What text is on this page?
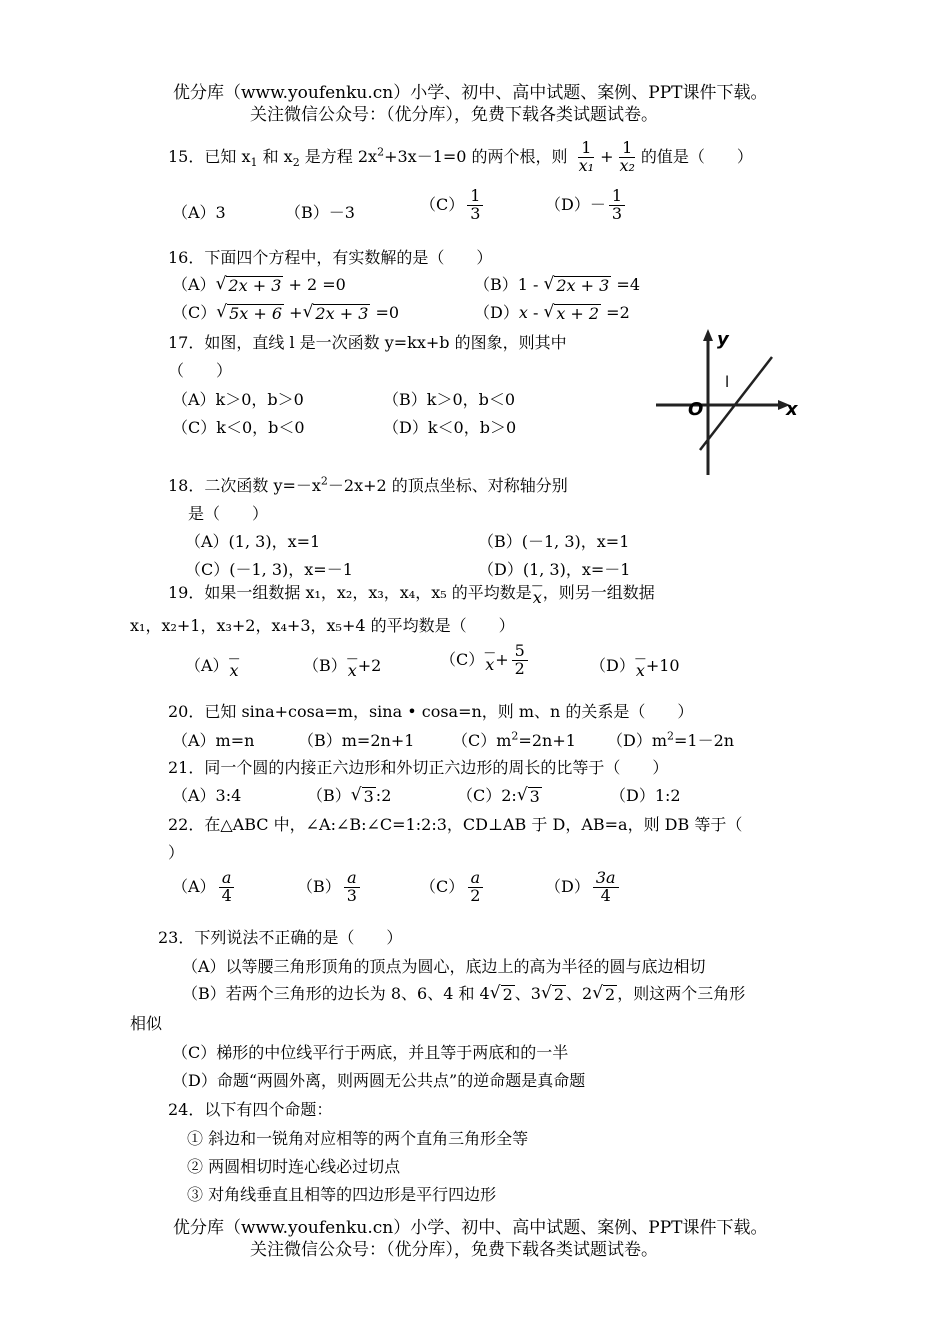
优分库（www.youfenku.cn）小学、初中、高中试题、案例、PPT课件下载。
关注微信公众号：（优分库），免费下载各类试题试卷。
15．已知 $x_1$ 和 $x_2$ 是方程 $2x^2+3x-1=0$ 的两个根，则 $\frac{1}{\text{x₁}} + \frac{1}{\text{x₂}}$ 的值是（　　）
（A）3	（B）－3	$(C) \frac{1}{3}$	$(D)- \frac{1}{3}$
16．下面四个方程中，有实数解的是（　　）
（A） √ 2x + 3 + 2 =0	（B）1 - √ 2x + 3 =4
（C） √ 5x + 6 + √ 2x + 3 =0	（D）x - √ x + 2 =2
17．如图，直线 l 是一次函数 y=kx+b 的图象，则其中
（　　）
（A）k＞0，b＞0	（B）k＞0，b＜0
（C）k＜0，b＜0	（D）k＜0，b＞0
y
x
O
l
18．二次函数 $y=-x^2-2x+2$ 的顶点坐标、对称轴分别
是（　　）
（A）(1, 3)，x=1	（B）(－1, 3)，x=1
（C）(－1, 3)，x=－1	（D）(1, 3)，x=－1
19．如果一组数据 x₁，x₂，x₃，x₄，x₅ 的平均数是 —
x ，则另一组数据
x₁，x₂+1，x₃+2，x₄+3，x₅+4 的平均数是（　　）
（A） —
x	（B） —
x +2	（C） —
$x + \frac{5}{2}$	（D） —
x +10
20．已知 sina+cosa=m，sina • cosa=n，则 m、n 的关系是（　　）
（A）m=n	（B）m=2n+1 $(C)m^2=2n+1$ $(D)m^2=1-2n$
21．同一个圆的内接正六边形和外切正六边形的周长的比等于（　　）
（A）3:4	（B） √ 3 :2	（C）2: √ 3	（D）1:2
22．在△ABC 中，∠A:∠B:∠C=1:2:3，CD⊥AB 于 D，AB=a，则 DB 等于（
）
$(A) \frac{a}{4}$	$(B) \frac{a}{3}$	$(C) \frac{a}{2}$	$(D) \frac{3a}{4}$
23．下列说法不正确的是（　　）
（A）以等腰三角形顶角的顶点为圆心，底边上的高为半径的圆与底边相切
（B）若两个三角形的边长为 8、6、4 和 4 √ 2 、3 √ 2 、2 √ 2 ，则这两个三角形
相似
（C）梯形的中位线平行于两底，并且等于两底和的一半
（D）命题“两圆外离，则两圆无公共点”的逆命题是真命题
24．以下有四个命题：
① 斜边和一锐角对应相等的两个直角三角形全等
② 两圆相切时连心线必过切点
③ 对角线垂直且相等的四边形是平行四边形
优分库（www.youfenku.cn）小学、初中、高中试题、案例、PPT课件下载。
关注微信公众号：（优分库），免费下载各类试题试卷。
